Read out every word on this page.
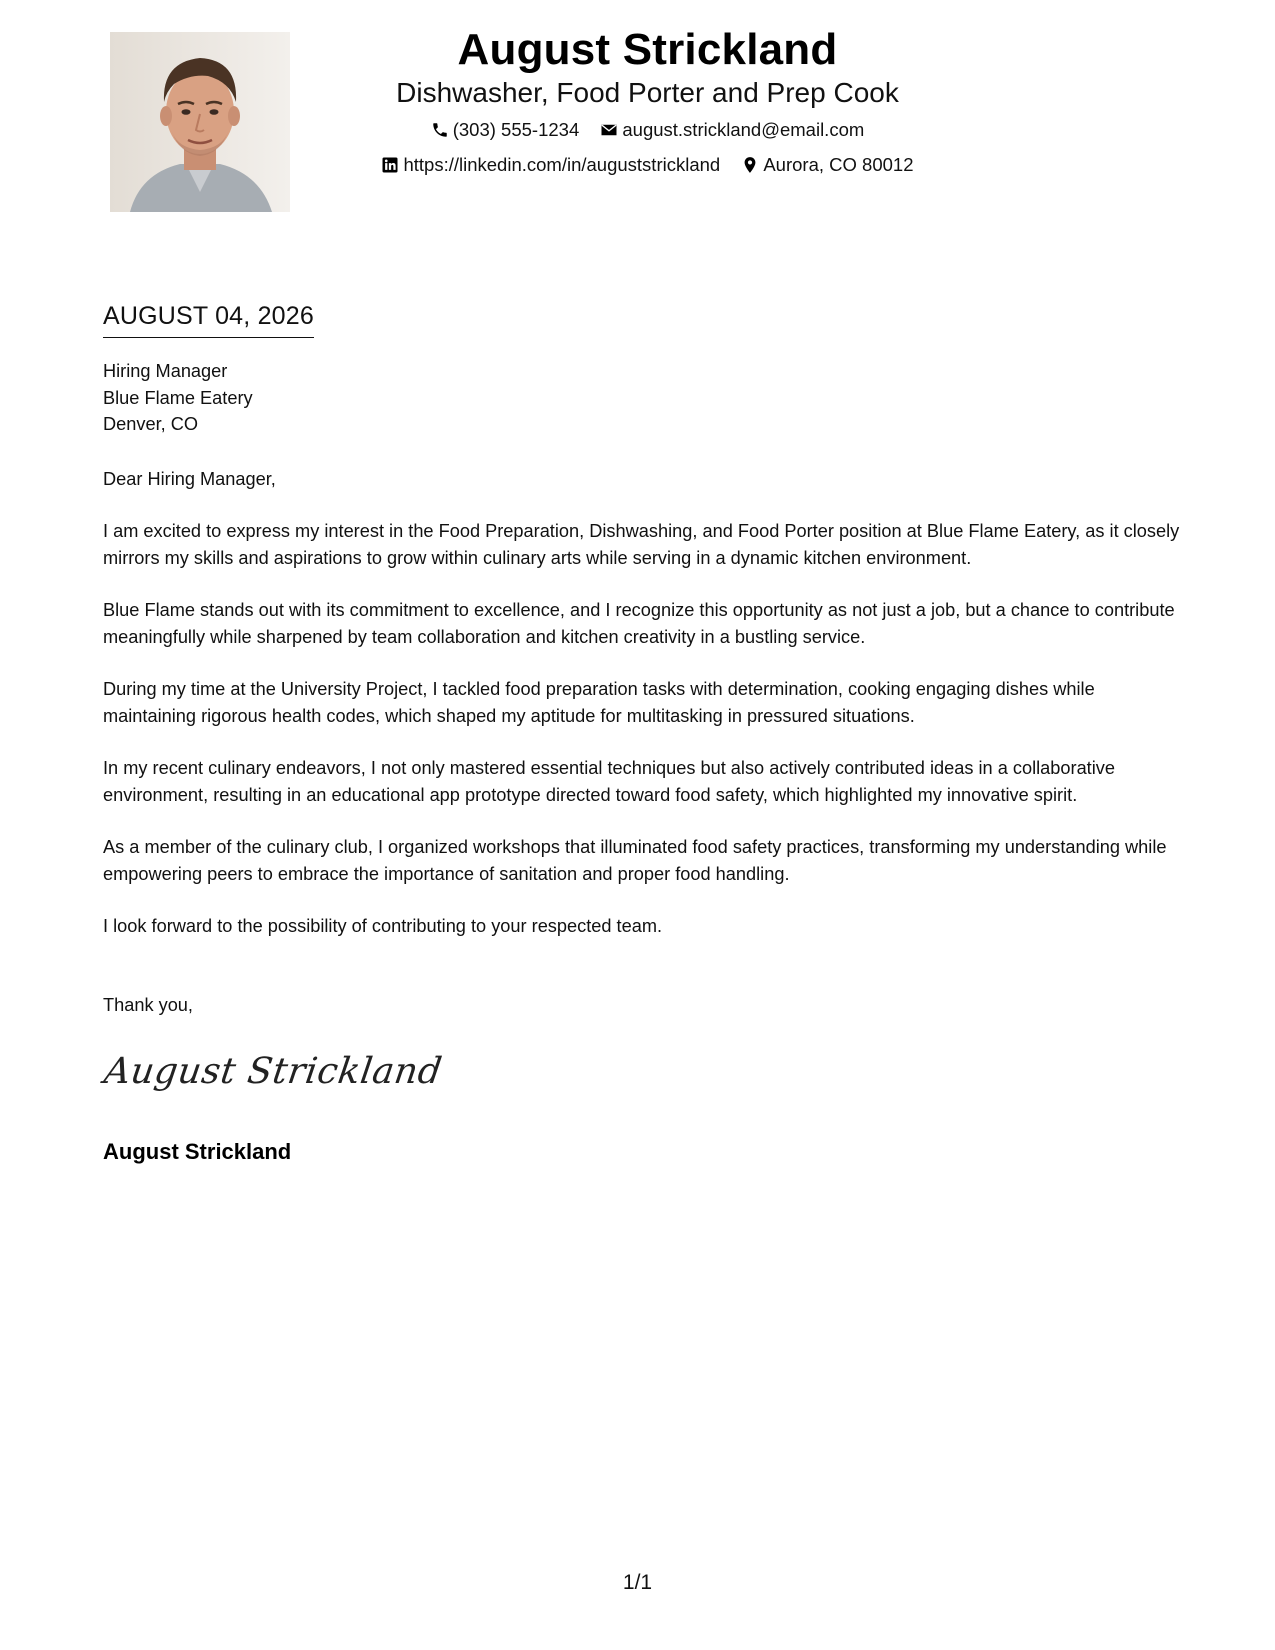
August Strickland
Dishwasher, Food Porter and Prep Cook
(303) 555-1234
august.strickland@email.com
https://linkedin.com/in/auguststrickland
Aurora, CO 80012
AUGUST 04, 2026
Hiring Manager
Blue Flame Eatery
Denver, CO

Dear Hiring Manager,

I am excited to express my interest in the Food Preparation, Dishwashing, and Food Porter position at Blue Flame Eatery, as it closely mirrors my skills and aspirations to grow within culinary arts while serving in a dynamic kitchen environment.

Blue Flame stands out with its commitment to excellence, and I recognize this opportunity as not just a job, but a chance to contribute meaningfully while sharpened by team collaboration and kitchen creativity in a bustling service.

During my time at the University Project, I tackled food preparation tasks with determination, cooking engaging dishes while maintaining rigorous health codes, which shaped my aptitude for multitasking in pressured situations.

In my recent culinary endeavors, I not only mastered essential techniques but also actively contributed ideas in a collaborative environment, resulting in an educational app prototype directed toward food safety, which highlighted my innovative spirit.

As a member of the culinary club, I organized workshops that illuminated food safety practices, transforming my understanding while empowering peers to embrace the importance of sanitation and proper food handling.

I look forward to the possibility of contributing to your respected team.

Thank you,

August Strickland
August Strickland
1/1
